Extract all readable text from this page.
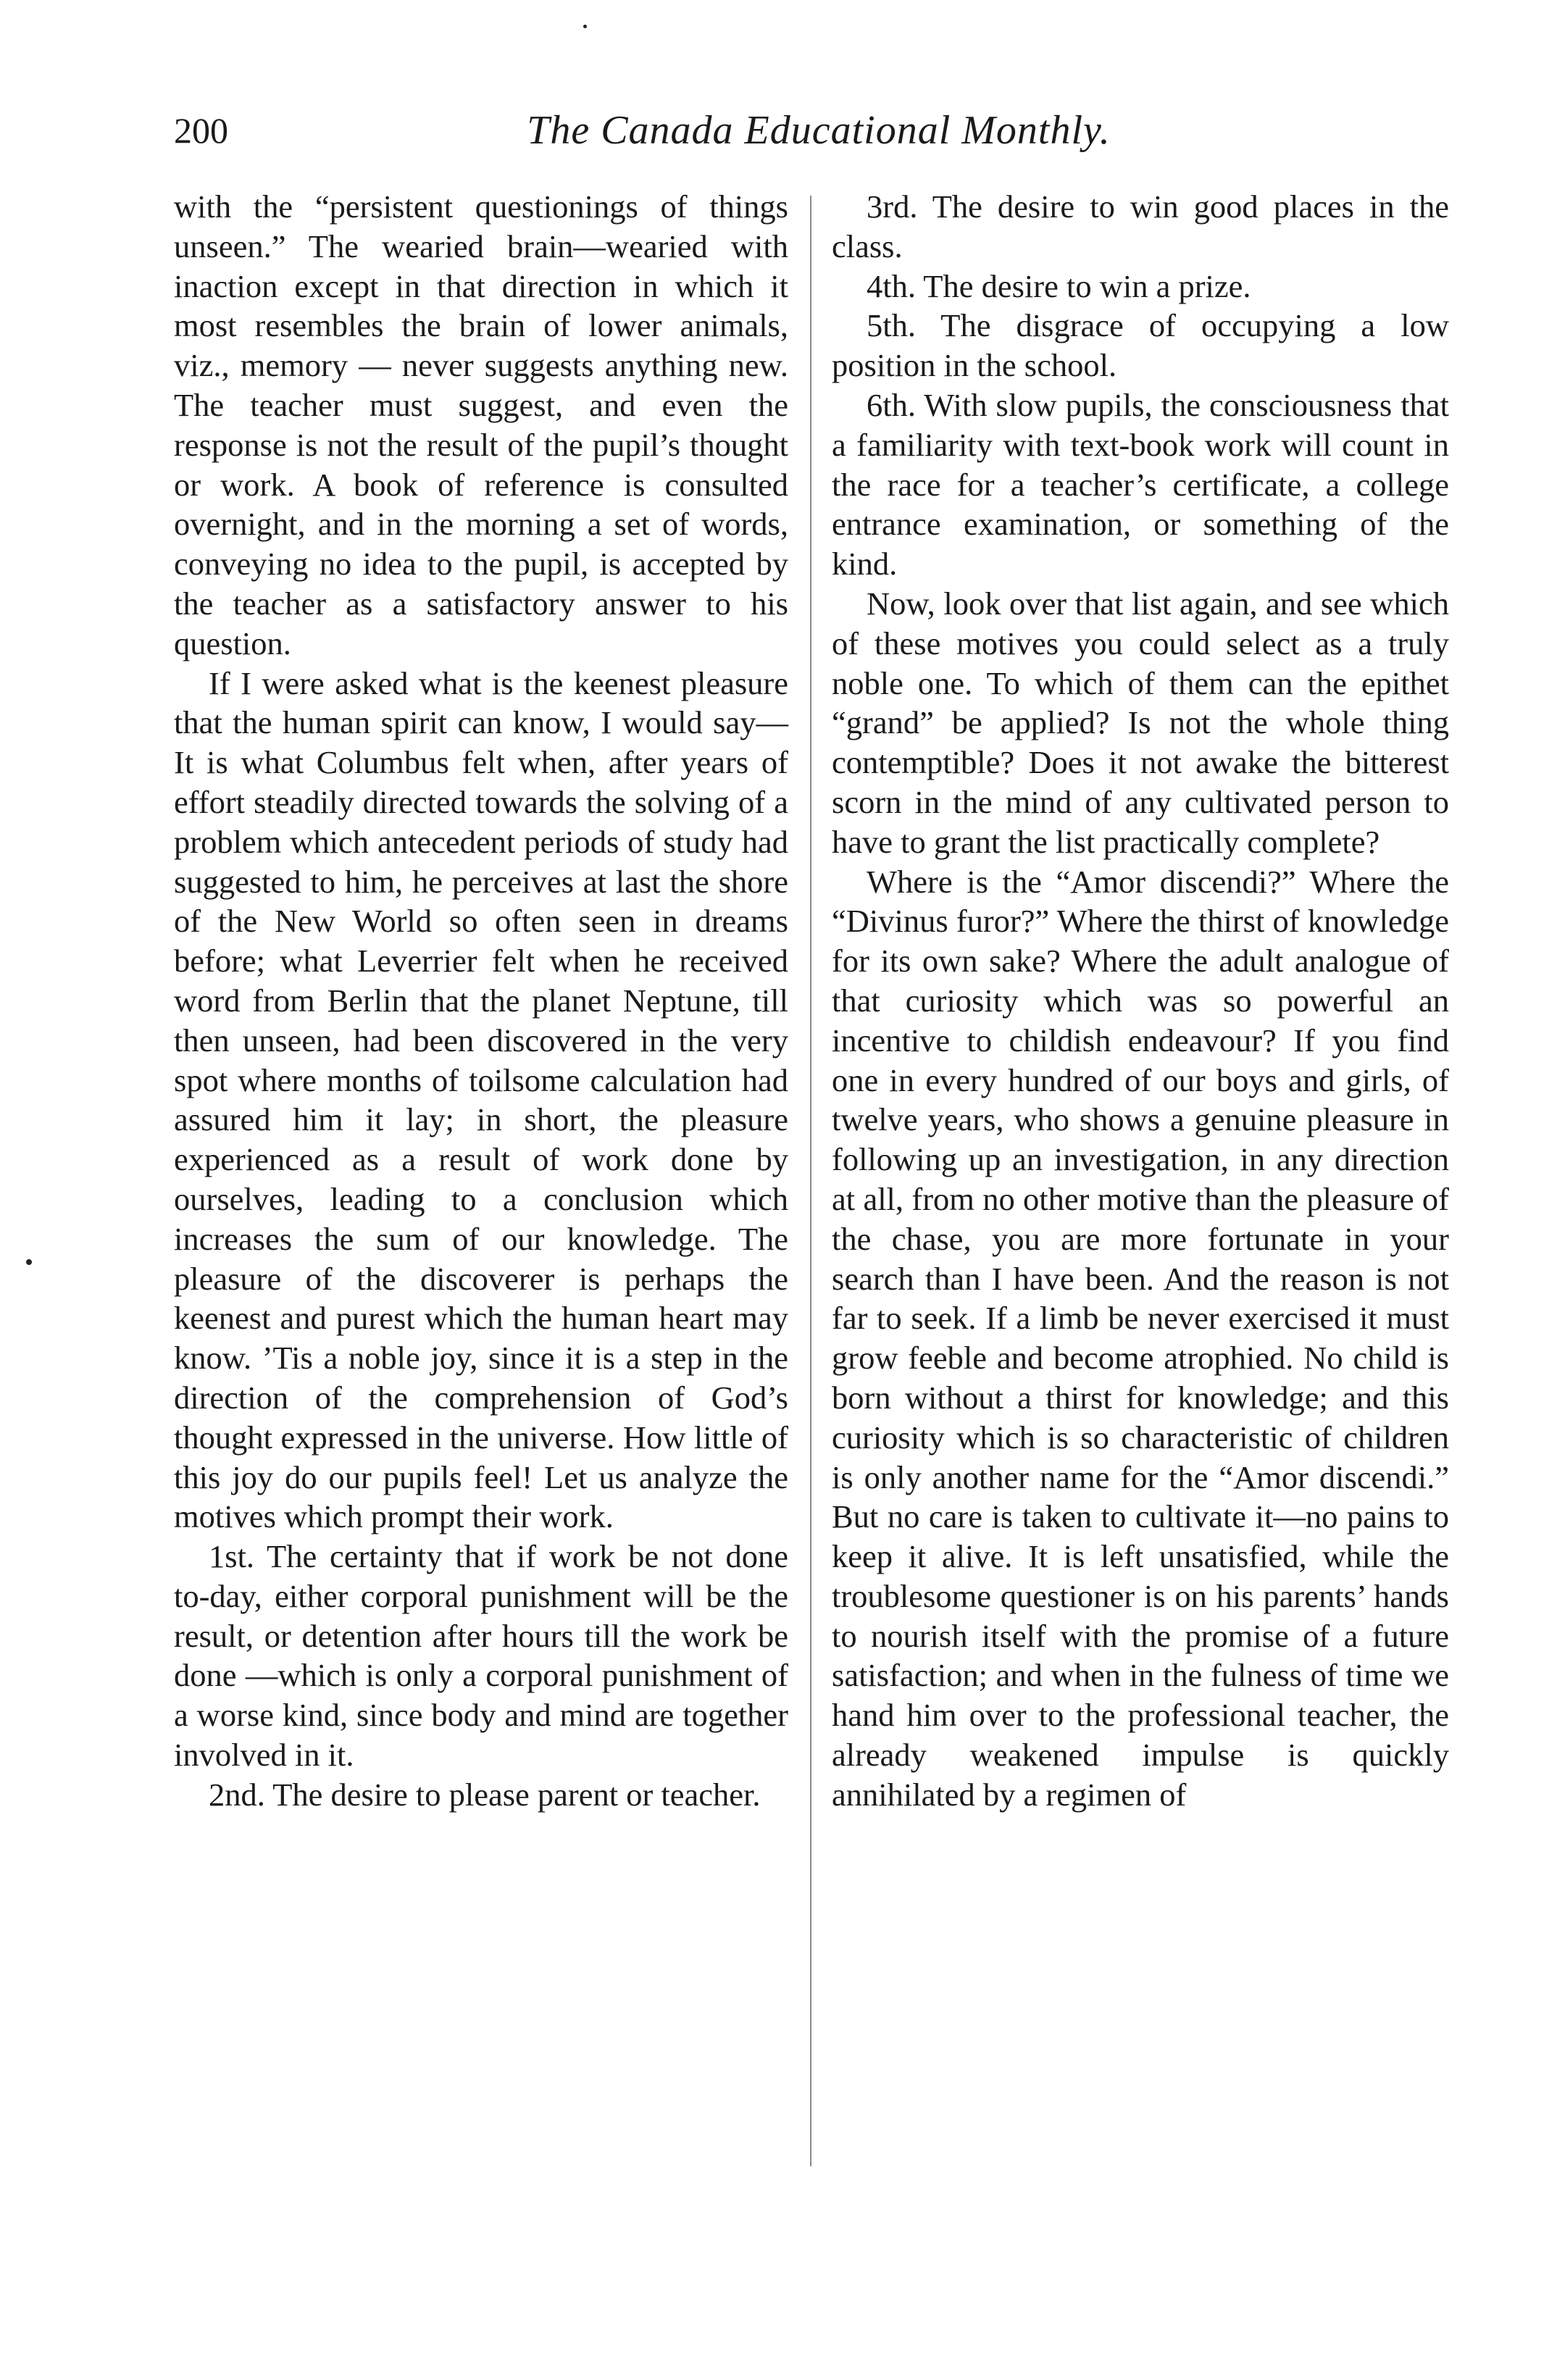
200	The Canada Educational Monthly.

with the “persistent questionings of things unseen.” The wearied brain—wearied with inaction except in that direction in which it most resembles the brain of lower animals, viz., memory — never suggests anything new. The teacher must suggest, and even the response is not the result of the pupil’s thought or work. A book of reference is consulted overnight, and in the morning a set of words, conveying no idea to the pupil, is accepted by the teacher as a satisfactory answer to his question.

If I were asked what is the keenest pleasure that the human spirit can know, I would say—It is what Columbus felt when, after years of effort steadily directed towards the solving of a problem which antecedent periods of study had suggested to him, he perceives at last the shore of the New World so often seen in dreams before; what Leverrier felt when he received word from Berlin that the planet Neptune, till then unseen, had been discovered in the very spot where months of toilsome calculation had assured him it lay; in short, the pleasure experienced as a result of work done by ourselves, leading to a conclusion which increases the sum of our knowledge. The pleasure of the discoverer is perhaps the keenest and purest which the human heart may know. ’Tis a noble joy, since it is a step in the direction of the comprehension of God’s thought expressed in the universe. How little of this joy do our pupils feel! Let us analyze the motives which prompt their work.

1st. The certainty that if work be not done to-day, either corporal punishment will be the result, or detention after hours till the work be done —which is only a corporal punishment of a worse kind, since body and mind are together involved in it.

2nd. The desire to please parent or teacher.

3rd. The desire to win good places in the class.

4th. The desire to win a prize.

5th. The disgrace of occupying a low position in the school.

6th. With slow pupils, the consciousness that a familiarity with text-book work will count in the race for a teacher’s certificate, a college entrance examination, or something of the kind.

Now, look over that list again, and see which of these motives you could select as a truly noble one. To which of them can the epithet “grand” be applied? Is not the whole thing contemptible? Does it not awake the bitterest scorn in the mind of any cultivated person to have to grant the list practically complete?

Where is the “Amor discendi?” Where the “Divinus furor?” Where the thirst of knowledge for its own sake? Where the adult analogue of that curiosity which was so powerful an incentive to childish endeavour? If you find one in every hundred of our boys and girls, of twelve years, who shows a genuine pleasure in following up an investigation, in any direction at all, from no other motive than the pleasure of the chase, you are more fortunate in your search than I have been. And the reason is not far to seek. If a limb be never exercised it must grow feeble and become atrophied. No child is born without a thirst for knowledge; and this curiosity which is so characteristic of children is only another name for the “Amor discendi.” But no care is taken to cultivate it—no pains to keep it alive. It is left unsatisfied, while the troublesome questioner is on his parents’ hands to nourish itself with the promise of a future satisfaction; and when in the fulness of time we hand him over to the professional teacher, the already weakened impulse is quickly annihilated by a regimen of
